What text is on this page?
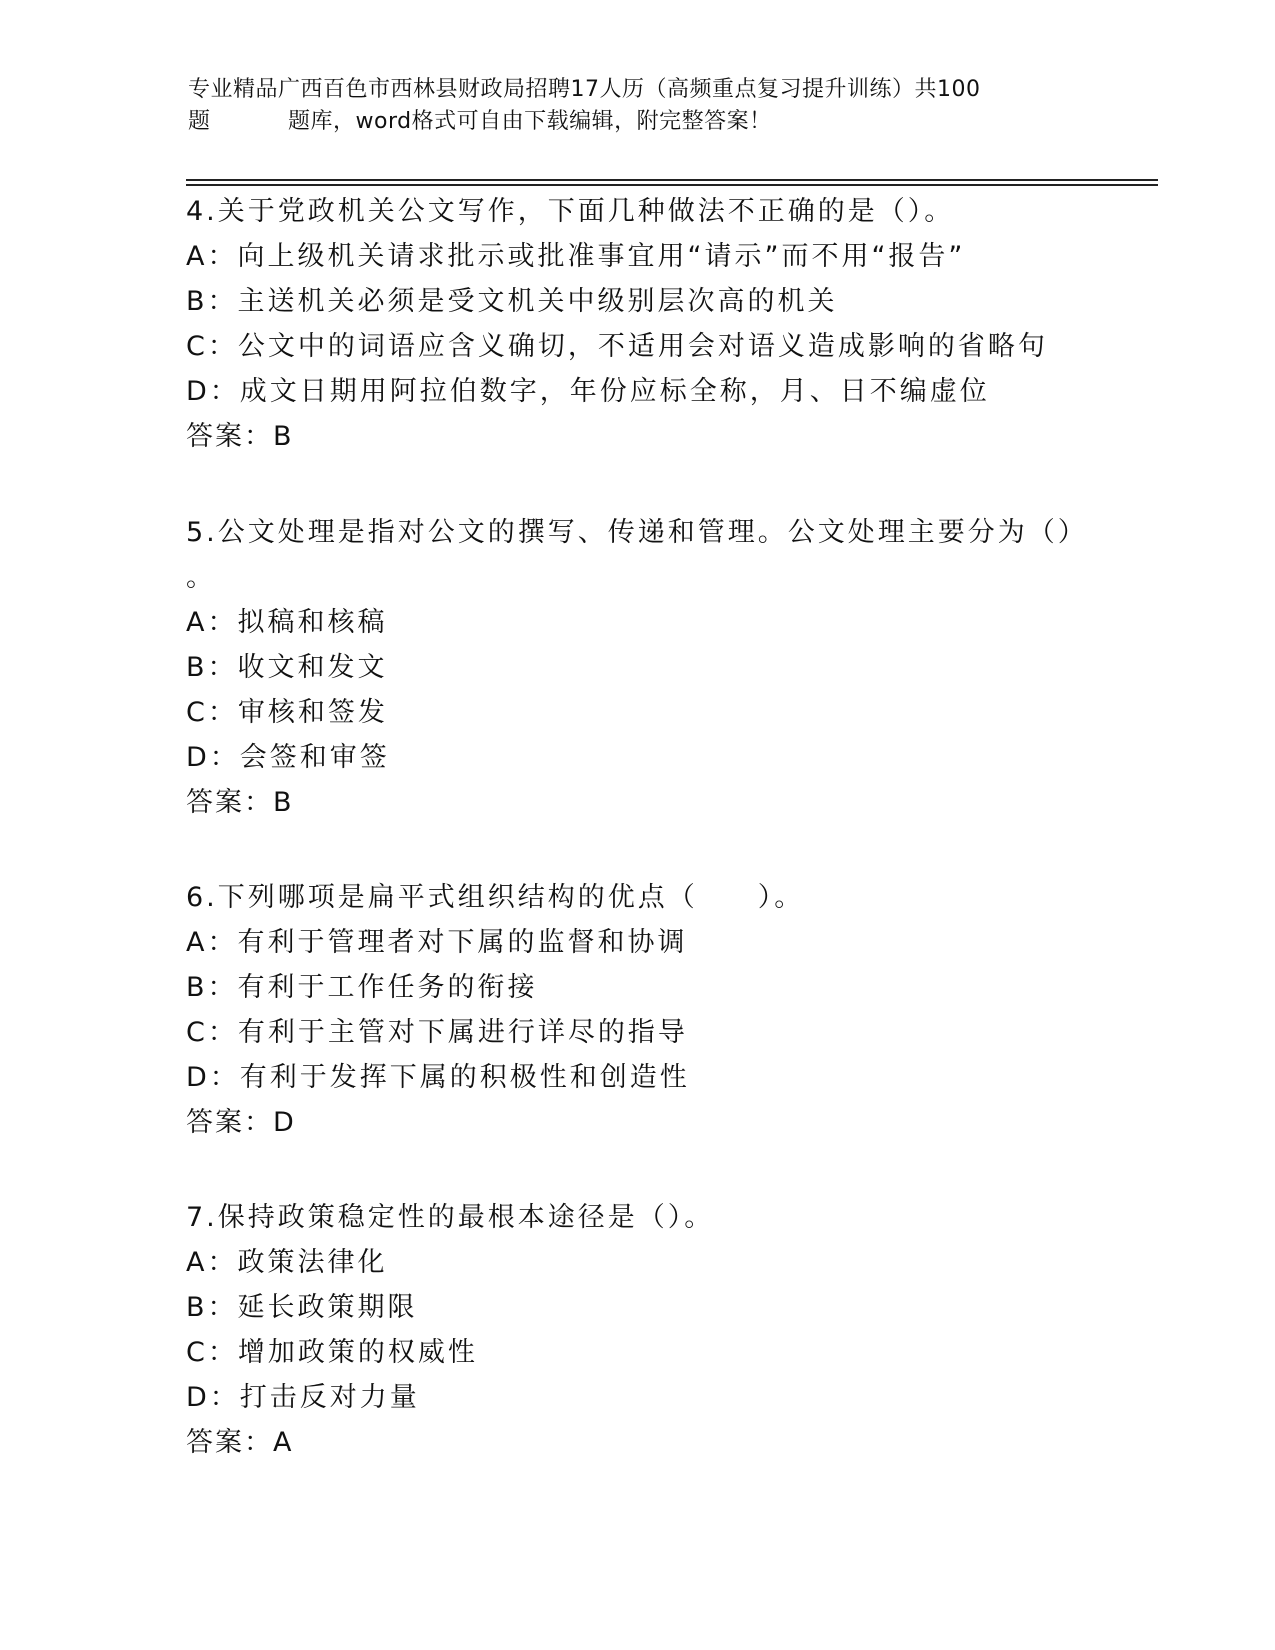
专业精品广西百色市西林县财政局招聘17人历（高频重点复习提升训练）共100
题	题库，word格式可自由下载编辑，附完整答案！
4.关于党政机关公文写作，下面几种做法不正确的是（）。
A：向上级机关请求批示或批准事宜用“请示”而不用“报告”
B：主送机关必须是受文机关中级别层次高的机关
C：公文中的词语应含义确切，不适用会对语义造成影响的省略句
D：成文日期用阿拉伯数字，年份应标全称，月、日不编虚位
答案：B
5.公文处理是指对公文的撰写、传递和管理。公文处理主要分为（）
。
A：拟稿和核稿
B：收文和发文
C：审核和签发
D：会签和审签
答案：B
6.下列哪项是扁平式组织结构的优点（　　）。
A：有利于管理者对下属的监督和协调
B：有利于工作任务的衔接
C：有利于主管对下属进行详尽的指导
D：有利于发挥下属的积极性和创造性
答案：D
7.保持政策稳定性的最根本途径是（）。
A：政策法律化
B：延长政策期限
C：增加政策的权威性
D：打击反对力量
答案：A
